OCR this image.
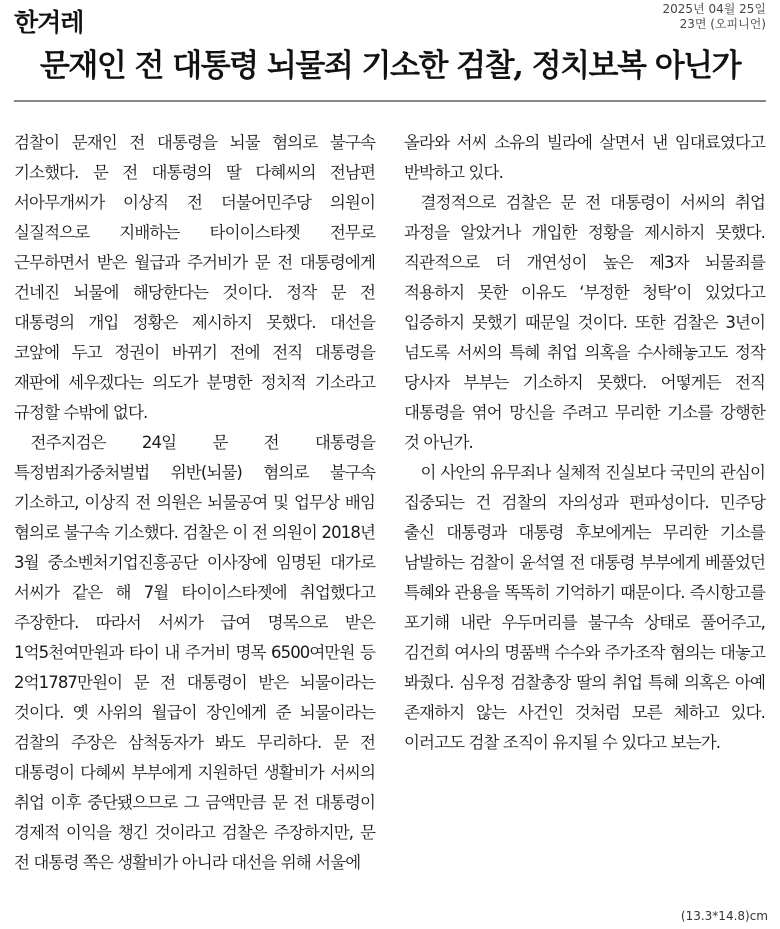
한겨레	2025년 04월 25일
23면 (오피니언)
문재인 전 대통령 뇌물죄 기소한 검찰, 정치보복 아닌가

검찰이 문재인 전 대통령을 뇌물 혐의로 불구속 기소했다. 문 전 대통령의 딸 다혜씨의 전남편 서아무개씨가 이상직 전 더불어민주당 의원이 실질적으로 지배하는 타이이스타젯 전무로 근무하면서 받은 월급과 주거비가 문 전 대통령에게 건네진 뇌물에 해당한다는 것이다. 정작 문 전 대통령의 개입 정황은 제시하지 못했다. 대선을 코앞에 두고 정권이 바뀌기 전에 전직 대통령을 재판에 세우겠다는 의도가 분명한 정치적 기소라고 규정할 수밖에 없다.

전주지검은 24일 문 전 대통령을 특정범죄가중처벌법 위반(뇌물) 혐의로 불구속 기소하고, 이상직 전 의원은 뇌물공여 및 업무상 배임 혐의로 불구속 기소했다. 검찰은 이 전 의원이 2018년 3월 중소벤처기업진흥공단 이사장에 임명된 대가로 서씨가 같은 해 7월 타이이스타젯에 취업했다고 주장한다. 따라서 서씨가 급여 명목으로 받은 1억5천여만원과 타이 내 주거비 명목 6500여만원 등 2억1787만원이 문 전 대통령이 받은 뇌물이라는 것이다. 옛 사위의 월급이 장인에게 준 뇌물이라는 검찰의 주장은 삼척동자가 봐도 무리하다. 문 전 대통령이 다혜씨 부부에게 지원하던 생활비가 서씨의 취업 이후 중단됐으므로 그 금액만큼 문 전 대통령이 경제적 이익을 챙긴 것이라고 검찰은 주장하지만, 문 전 대통령 쪽은 생활비가 아니라 대선을 위해 서울에

올라와 서씨 소유의 빌라에 살면서 낸 임대료였다고 반박하고 있다.

결정적으로 검찰은 문 전 대통령이 서씨의 취업 과정을 알았거나 개입한 정황을 제시하지 못했다. 직관적으로 더 개연성이 높은 제3자 뇌물죄를 적용하지 못한 이유도 ‘부정한 청탁’이 있었다고 입증하지 못했기 때문일 것이다. 또한 검찰은 3년이 넘도록 서씨의 특혜 취업 의혹을 수사해놓고도 정작 당사자 부부는 기소하지 못했다. 어떻게든 전직 대통령을 엮어 망신을 주려고 무리한 기소를 강행한 것 아닌가.

이 사안의 유무죄나 실체적 진실보다 국민의 관심이 집중되는 건 검찰의 자의성과 편파성이다. 민주당 출신 대통령과 대통령 후보에게는 무리한 기소를 남발하는 검찰이 윤석열 전 대통령 부부에게 베풀었던 특혜와 관용을 똑똑히 기억하기 때문이다. 즉시항고를 포기해 내란 우두머리를 불구속 상태로 풀어주고, 김건희 여사의 명품백 수수와 주가조작 혐의는 대놓고 봐줬다. 심우정 검찰총장 딸의 취업 특혜 의혹은 아예 존재하지 않는 사건인 것처럼 모른 체하고 있다. 이러고도 검찰 조직이 유지될 수 있다고 보는가.

(13.3*14.8)cm
